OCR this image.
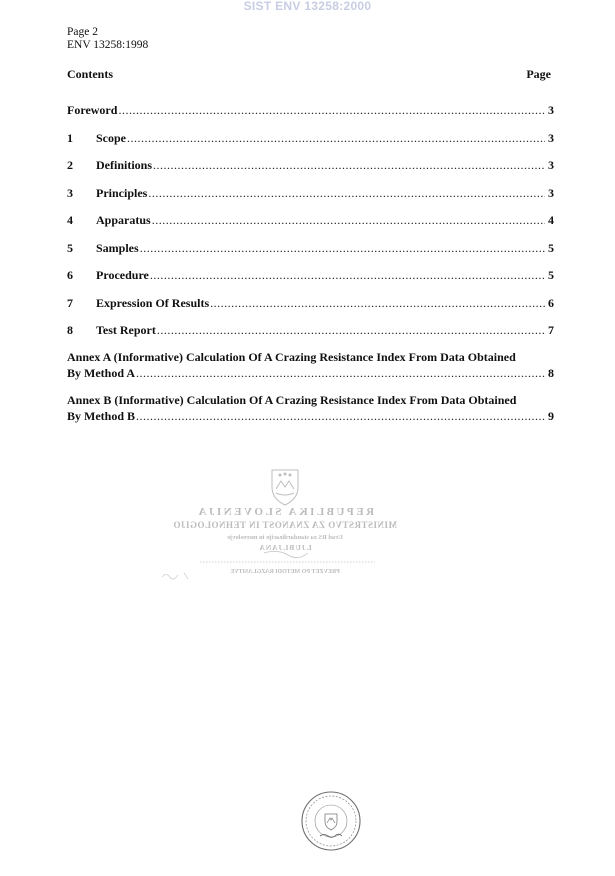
SIST ENV 13258:2000
Page 2
ENV 13258:1998
Contents	Page
Foreword .....	3
1	Scope .....	3
2	Definitions .....	3
3	Principles .....	3
4	Apparatus .....	4
5	Samples .....	5
6	Procedure .....	5
7	Expression Of Results .....	6
8	Test Report .....	7
Annex A (Informative) Calculation Of A Crazing Resistance Index From Data Obtained
By Method A .....	8
Annex B (Informative) Calculation Of A Crazing Resistance Index From Data Obtained
By Method B .....	9
REPUBLIKA SLOVENIJA
MINISTRSTVO ZA ZNANOST IN TEHNOLOGIJO
Urad RS za standardizacijo in meroslovje
LJUBLJANA
PREVZET PO METODI RAZGLASITVE
